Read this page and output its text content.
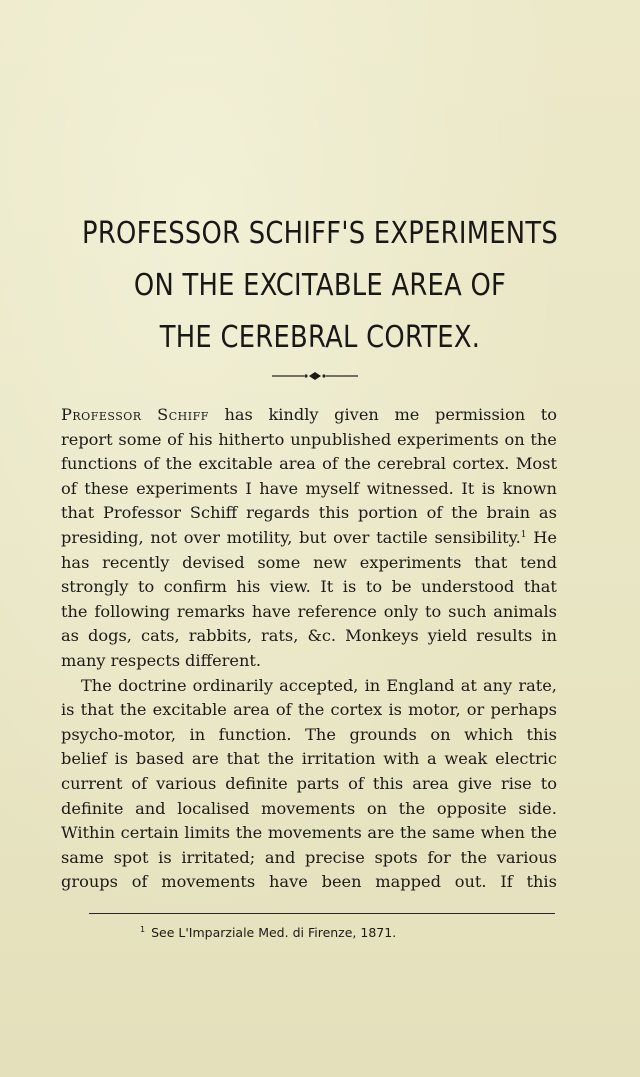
PROFESSOR SCHIFF'S EXPERIMENTS
ON THE EXCITABLE AREA OF
THE CEREBRAL CORTEX.
Professor Schiff has kindly given me permission to
report some of his hitherto unpublished experiments on the
functions of the excitable area of the cerebral cortex. Most
of these experiments I have myself witnessed. It is known
that Professor Schiff regards this portion of the brain as
presiding, not over motility, but over tactile sensibility.$^1$ He
has recently devised some new experiments that tend
strongly to confirm his view. It is to be understood that
the following remarks have reference only to such animals
as dogs, cats, rabbits, rats, &c. Monkeys yield results in
many respects different.
The doctrine ordinarily accepted, in England at any rate,
is that the excitable area of the cortex is motor, or perhaps
psycho-motor, in function. The grounds on which this
belief is based are that the irritation with a weak electric
current of various definite parts of this area give rise to
definite and localised movements on the opposite side.
Within certain limits the movements are the same when the
same spot is irritated; and precise spots for the various
groups of movements have been mapped out. If this
$^1$ See L'Imparziale Med. di Firenze, 1871.
